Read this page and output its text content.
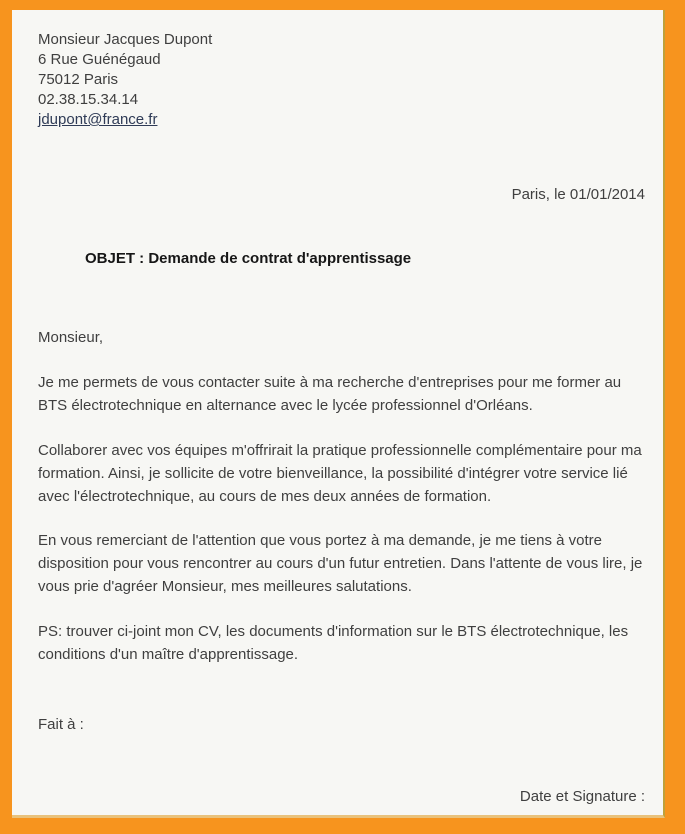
Monsieur Jacques Dupont
6 Rue Guénégaud
75012 Paris
02.38.15.34.14
jdupont@france.fr
Paris, le 01/01/2014
OBJET : Demande de contrat d'apprentissage
Monsieur,

Je me permets de vous contacter suite à ma recherche d'entreprises pour me former au BTS électrotechnique en alternance avec le lycée professionnel d'Orléans.

Collaborer avec vos équipes m'offrirait la pratique professionnelle complémentaire pour ma formation. Ainsi, je sollicite de votre bienveillance, la possibilité d'intégrer votre service lié avec l'électrotechnique, au cours de mes deux années de formation.

En vous remerciant de l'attention que vous portez à ma demande, je me tiens à votre disposition pour vous rencontrer au cours d'un futur entretien. Dans l'attente de vous lire, je vous prie d'agréer Monsieur, mes meilleures salutations.

PS: trouver ci-joint mon CV, les documents d'information sur le BTS électrotechnique, les conditions d'un maître d'apprentissage.

Fait à :
Date et Signature :
